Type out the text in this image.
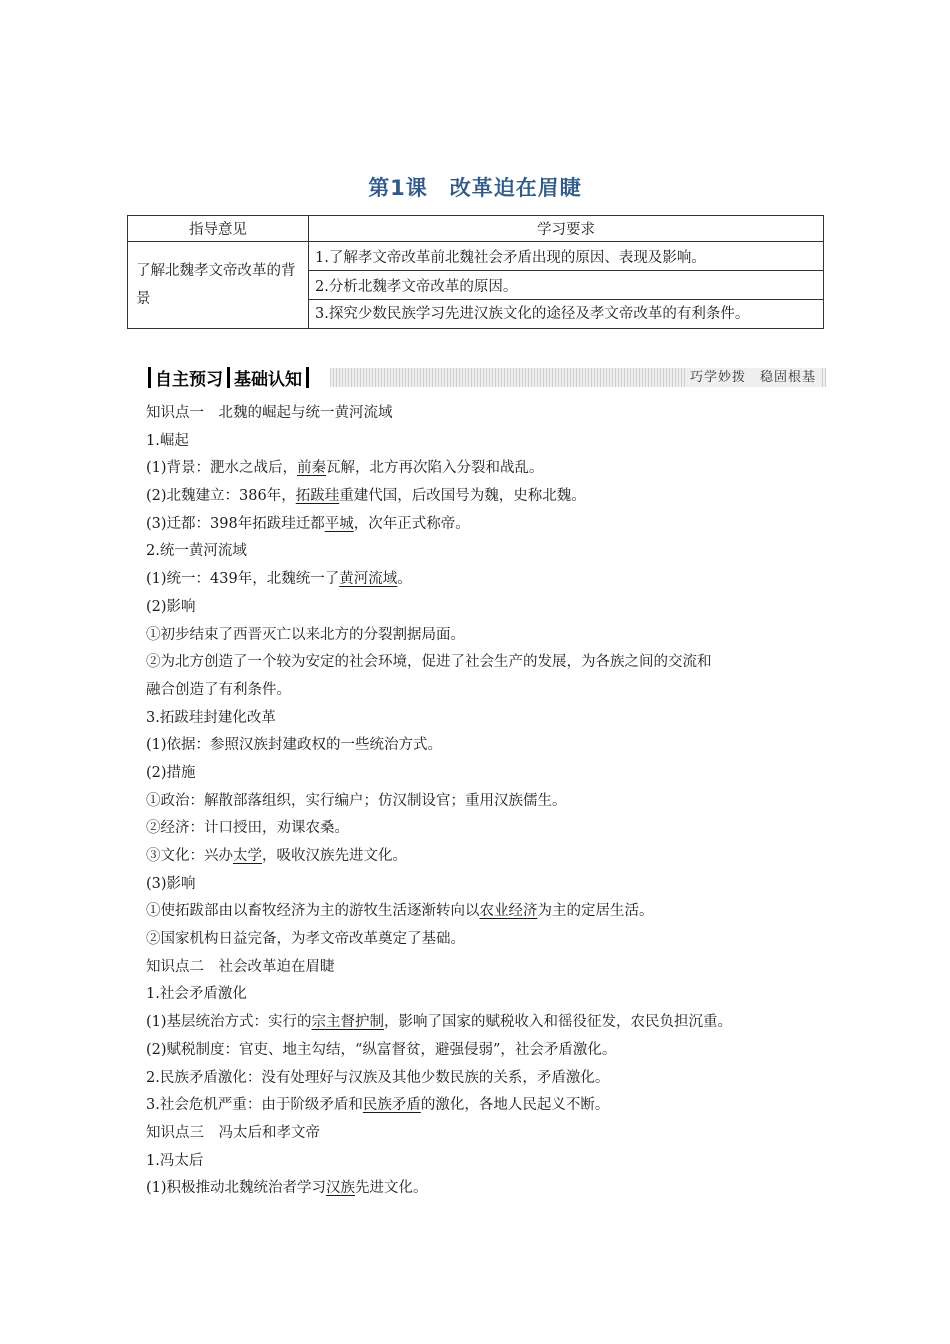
第1课　改革迫在眉睫
指导意见	学习要求
了解北魏孝文帝改革的背景	1.了解孝文帝改革前北魏社会矛盾出现的原因、表现及影响。
	2.分析北魏孝文帝改革的原因。
	3.探究少数民族学习先进汉族文化的途径及孝文帝改革的有利条件。
自主预习 基础认知	巧学妙拨　稳固根基
知识点一　北魏的崛起与统一黄河流域
1.崛起
(1)背景：淝水之战后，前秦瓦解，北方再次陷入分裂和战乱。
(2)北魏建立：386年，拓跋珪重建代国，后改国号为魏，史称北魏。
(3)迁都：398年拓跋珪迁都平城，次年正式称帝。
2.统一黄河流域
(1)统一：439年，北魏统一了黄河流域。
(2)影响
①初步结束了西晋灭亡以来北方的分裂割据局面。
②为北方创造了一个较为安定的社会环境，促进了社会生产的发展，为各族之间的交流和
融合创造了有利条件。
3.拓跋珪封建化改革
(1)依据：参照汉族封建政权的一些统治方式。
(2)措施
①政治：解散部落组织，实行编户；仿汉制设官；重用汉族儒生。
②经济：计口授田，劝课农桑。
③文化：兴办太学，吸收汉族先进文化。
(3)影响
①使拓跋部由以畜牧经济为主的游牧生活逐渐转向以农业经济为主的定居生活。
②国家机构日益完备，为孝文帝改革奠定了基础。
知识点二　社会改革迫在眉睫
1.社会矛盾激化
(1)基层统治方式：实行的宗主督护制，影响了国家的赋税收入和徭役征发，农民负担沉重。
(2)赋税制度：官吏、地主勾结，“纵富督贫，避强侵弱”，社会矛盾激化。
2.民族矛盾激化：没有处理好与汉族及其他少数民族的关系，矛盾激化。
3.社会危机严重：由于阶级矛盾和民族矛盾的激化，各地人民起义不断。
知识点三　冯太后和孝文帝
1.冯太后
(1)积极推动北魏统治者学习汉族先进文化。
